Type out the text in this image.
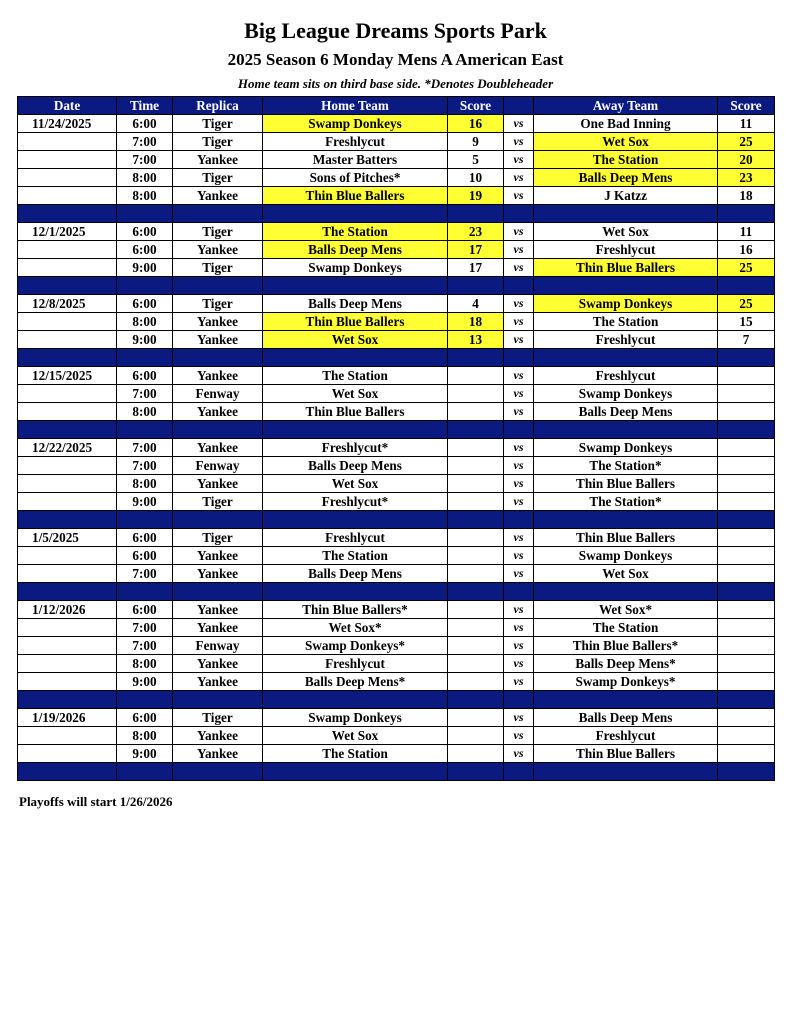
Big League Dreams Sports Park
2025 Season 6 Monday Mens A American East
Home team sits on third base side. *Denotes Doubleheader
Date	Time	Replica	Home Team	Score		Away Team	Score
11/24/2025	6:00	Tiger	Swamp Donkeys	16	vs	One Bad Inning	11
	7:00	Tiger	Freshlycut	9	vs	Wet Sox	25
	7:00	Yankee	Master Batters	5	vs	The Station	20
	8:00	Tiger	Sons of Pitches*	10	vs	Balls Deep Mens	23
	8:00	Yankee	Thin Blue Ballers	19	vs	J Katzz	18

12/1/2025	6:00	Tiger	The Station	23	vs	Wet Sox	11
	6:00	Yankee	Balls Deep Mens	17	vs	Freshlycut	16
	9:00	Tiger	Swamp Donkeys	17	vs	Thin Blue Ballers	25

12/8/2025	6:00	Tiger	Balls Deep Mens	4	vs	Swamp Donkeys	25
	8:00	Yankee	Thin Blue Ballers	18	vs	The Station	15
	9:00	Yankee	Wet Sox	13	vs	Freshlycut	7

12/15/2025	6:00	Yankee	The Station		vs	Freshlycut	
	7:00	Fenway	Wet Sox		vs	Swamp Donkeys	
	8:00	Yankee	Thin Blue Ballers		vs	Balls Deep Mens	

12/22/2025	7:00	Yankee	Freshlycut*		vs	Swamp Donkeys	
	7:00	Fenway	Balls Deep Mens		vs	The Station*	
	8:00	Yankee	Wet Sox		vs	Thin Blue Ballers	
	9:00	Tiger	Freshlycut*		vs	The Station*	

1/5/2025	6:00	Tiger	Freshlycut		vs	Thin Blue Ballers	
	6:00	Yankee	The Station		vs	Swamp Donkeys	
	7:00	Yankee	Balls Deep Mens		vs	Wet Sox	

1/12/2026	6:00	Yankee	Thin Blue Ballers*		vs	Wet Sox*	
	7:00	Yankee	Wet Sox*		vs	The Station	
	7:00	Fenway	Swamp Donkeys*		vs	Thin Blue Ballers*	
	8:00	Yankee	Freshlycut		vs	Balls Deep Mens*	
	9:00	Yankee	Balls Deep Mens*		vs	Swamp Donkeys*	

1/19/2026	6:00	Tiger	Swamp Donkeys		vs	Balls Deep Mens	
	8:00	Yankee	Wet Sox		vs	Freshlycut	
	9:00	Yankee	The Station		vs	Thin Blue Ballers	

Playoffs will start 1/26/2026
